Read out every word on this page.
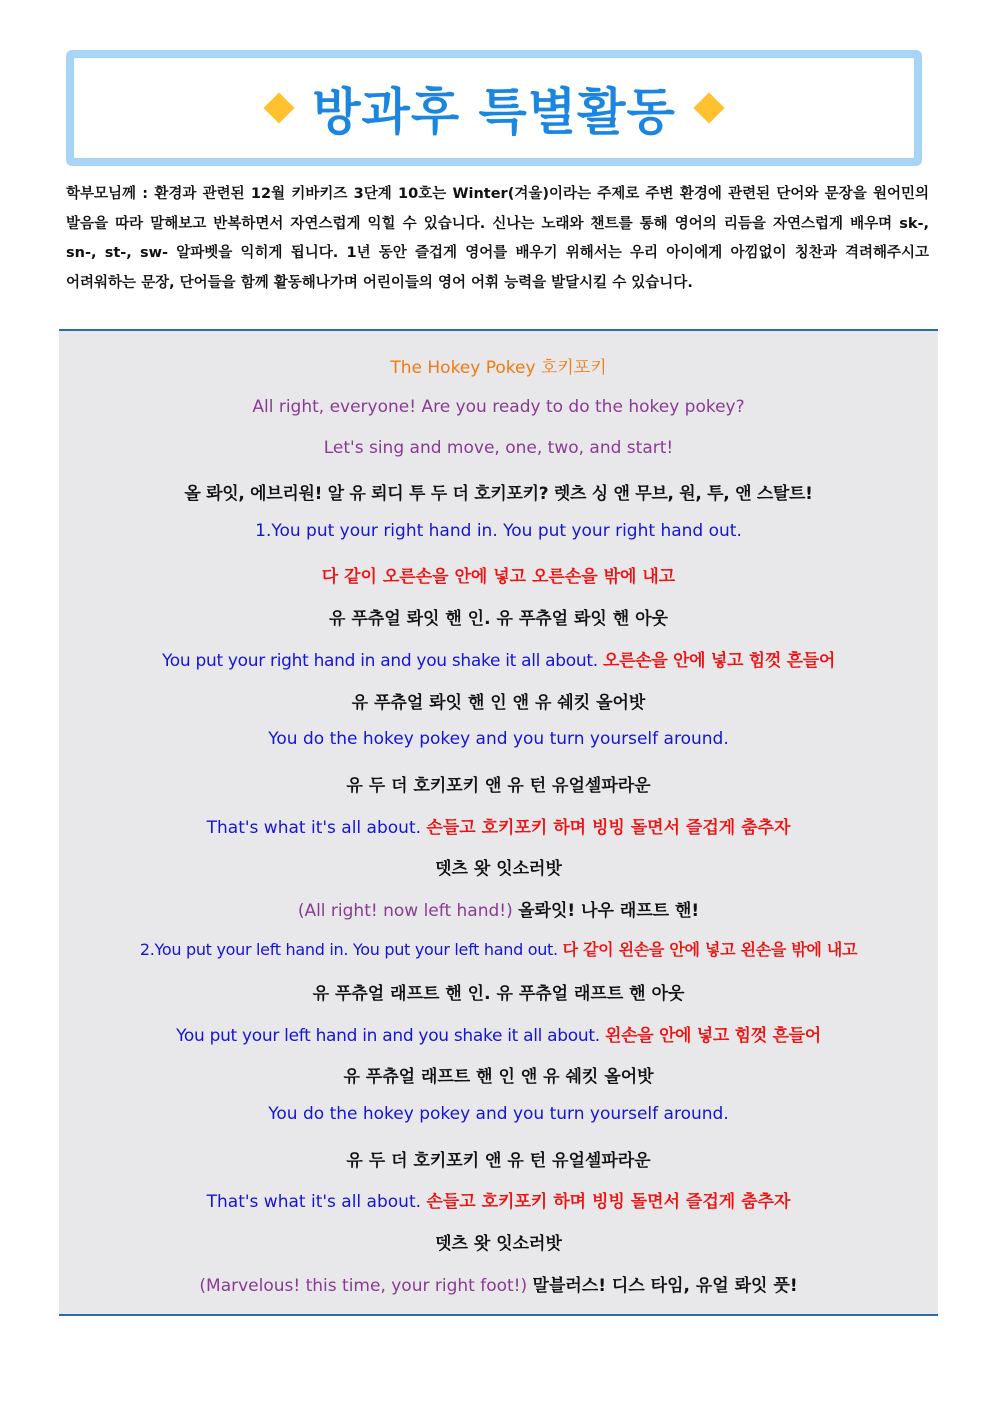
방과후 특별활동

학부모님께 : 환경과 관련된 12월 키바키즈 3단계 10호는 Winter(겨울)이라는 주제로 주변 환경에 관련된 단어와 문장을 원어민의 발음을 따라 말해보고 반복하면서 자연스럽게 익힐 수 있습니다. 신나는 노래와 챈트를 통해 영어의 리듬을 자연스럽게 배우며 sk-, sn-, st-, sw- 알파벳을 익히게 됩니다. 1년 동안 즐겁게 영어를 배우기 위해서는 우리 아이에게 아낌없이 칭찬과 격려해주시고 어려워하는 문장, 단어들을 함께 활동해나가며 어린이들의 영어 어휘 능력을 발달시킬 수 있습니다.

The Hokey Pokey 호키포키
All right, everyone! Are you ready to do the hokey pokey?
Let's sing and move, one, two, and start!
올 롸잇, 에브리원! 알 유 뢰디 투 두 더 호키포키? 렛츠 싱 앤 무브, 원, 투, 앤 스탈트!
1.You put your right hand in. You put your right hand out.
다 같이 오른손을 안에 넣고 오른손을 밖에 내고
유 푸츄얼 롸잇 핸 인. 유 푸츄얼 롸잇 핸 아웃
You put your right hand in and you shake it all about. 오른손을 안에 넣고 힘껏 흔들어
유 푸츄얼 롸잇 핸 인 앤 유 쉐킷 올어밧
You do the hokey pokey and you turn yourself around.
유 두 더 호키포키 앤 유 턴 유얼셀파라운
That's what it's all about. 손들고 호키포키 하며 빙빙 돌면서 즐겁게 춤추자
뎃츠 왓 잇소러밧
(All right! now left hand!) 올롸잇! 나우 래프트 핸!
2.You put your left hand in. You put your left hand out. 다 같이 왼손을 안에 넣고 왼손을 밖에 내고
유 푸츄얼 래프트 핸 인. 유 푸츄얼 래프트 핸 아웃
You put your left hand in and you shake it all about. 왼손을 안에 넣고 힘껏 흔들어
유 푸츄얼 래프트 핸 인 앤 유 쉐킷 올어밧
You do the hokey pokey and you turn yourself around.
유 두 더 호키포키 앤 유 턴 유얼셀파라운
That's what it's all about. 손들고 호키포키 하며 빙빙 돌면서 즐겁게 춤추자
뎃츠 왓 잇소러밧
(Marvelous! this time, your right foot!) 말블러스! 디스 타임, 유얼 롸잇 풋!
